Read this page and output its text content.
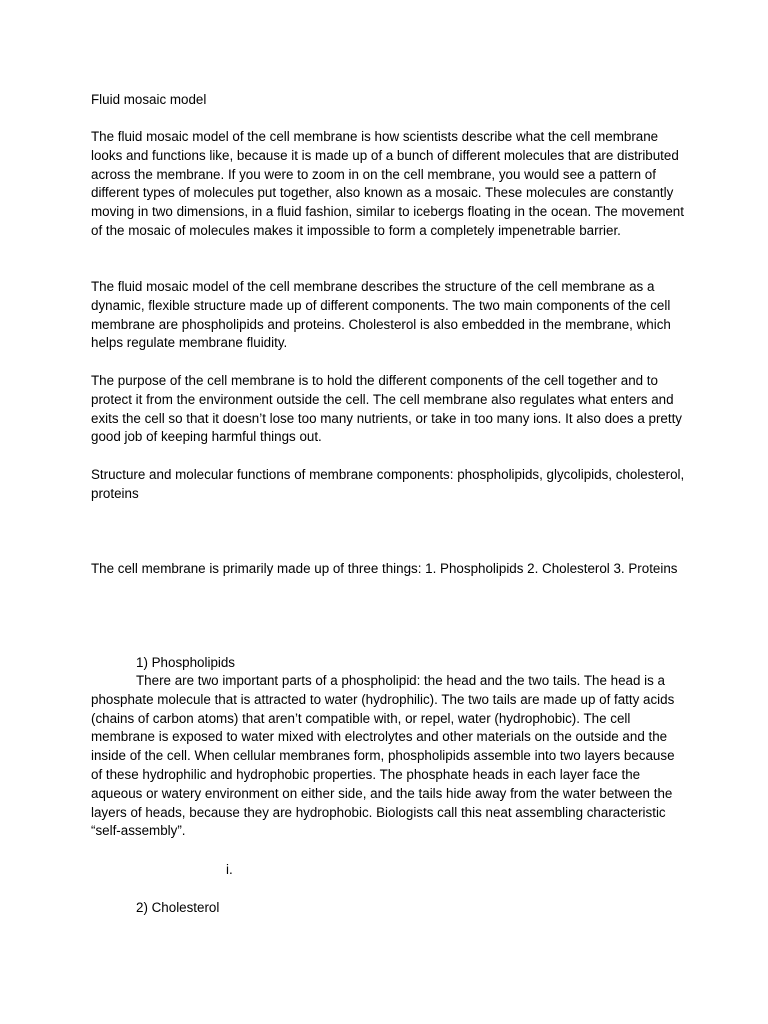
Fluid mosaic model

The fluid mosaic model of the cell membrane is how scientists describe what the cell membrane looks and functions like, because it is made up of a bunch of different molecules that are distributed across the membrane. If you were to zoom in on the cell membrane, you would see a pattern of different types of molecules put together, also known as a mosaic. These molecules are constantly moving in two dimensions, in a fluid fashion, similar to icebergs floating in the ocean. The movement of the mosaic of molecules makes it impossible to form a completely impenetrable barrier.

The fluid mosaic model of the cell membrane describes the structure of the cell membrane as a dynamic, flexible structure made up of different components. The two main components of the cell membrane are phospholipids and proteins. Cholesterol is also embedded in the membrane, which helps regulate membrane fluidity.

The purpose of the cell membrane is to hold the different components of the cell together and to protect it from the environment outside the cell. The cell membrane also regulates what enters and exits the cell so that it doesn’t lose too many nutrients, or take in too many ions. It also does a pretty good job of keeping harmful things out.

Structure and molecular functions of membrane components: phospholipids, glycolipids, cholesterol, proteins

The cell membrane is primarily made up of three things: 1. Phospholipids 2. Cholesterol 3. Proteins

1) Phospholipids

There are two important parts of a phospholipid: the head and the two tails. The head is a phosphate molecule that is attracted to water (hydrophilic). The two tails are made up of fatty acids (chains of carbon atoms) that aren’t compatible with, or repel, water (hydrophobic). The cell membrane is exposed to water mixed with electrolytes and other materials on the outside and the inside of the cell. When cellular membranes form, phospholipids assemble into two layers because of these hydrophilic and hydrophobic properties. The phosphate heads in each layer face the aqueous or watery environment on either side, and the tails hide away from the water between the layers of heads, because they are hydrophobic. Biologists call this neat assembling characteristic “self-assembly”.

i.

2) Cholesterol
